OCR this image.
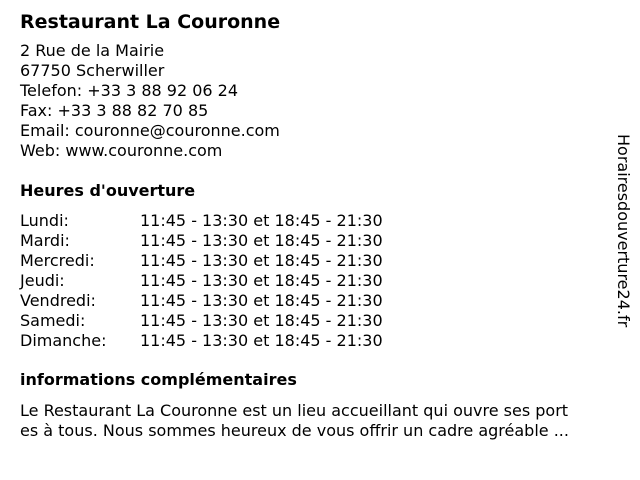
Restaurant La Couronne
2 Rue de la Mairie
67750 Scherwiller
Telefon: +33 3 88 92 06 24
Fax: +33 3 88 82 70 85
Email: couronne@couronne.com
Web: www.couronne.com
Heures d'ouverture
Lundi:	11:45 - 13:30 et 18:45 - 21:30
Mardi:	11:45 - 13:30 et 18:45 - 21:30
Mercredi:	11:45 - 13:30 et 18:45 - 21:30
Jeudi:	11:45 - 13:30 et 18:45 - 21:30
Vendredi:	11:45 - 13:30 et 18:45 - 21:30
Samedi:	11:45 - 13:30 et 18:45 - 21:30
Dimanche:	11:45 - 13:30 et 18:45 - 21:30
informations complémentaires
Le Restaurant La Couronne est un lieu accueillant qui ouvre ses port
es à tous. Nous sommes heureux de vous offrir un cadre agréable ...
Horairesdouverture24.fr
